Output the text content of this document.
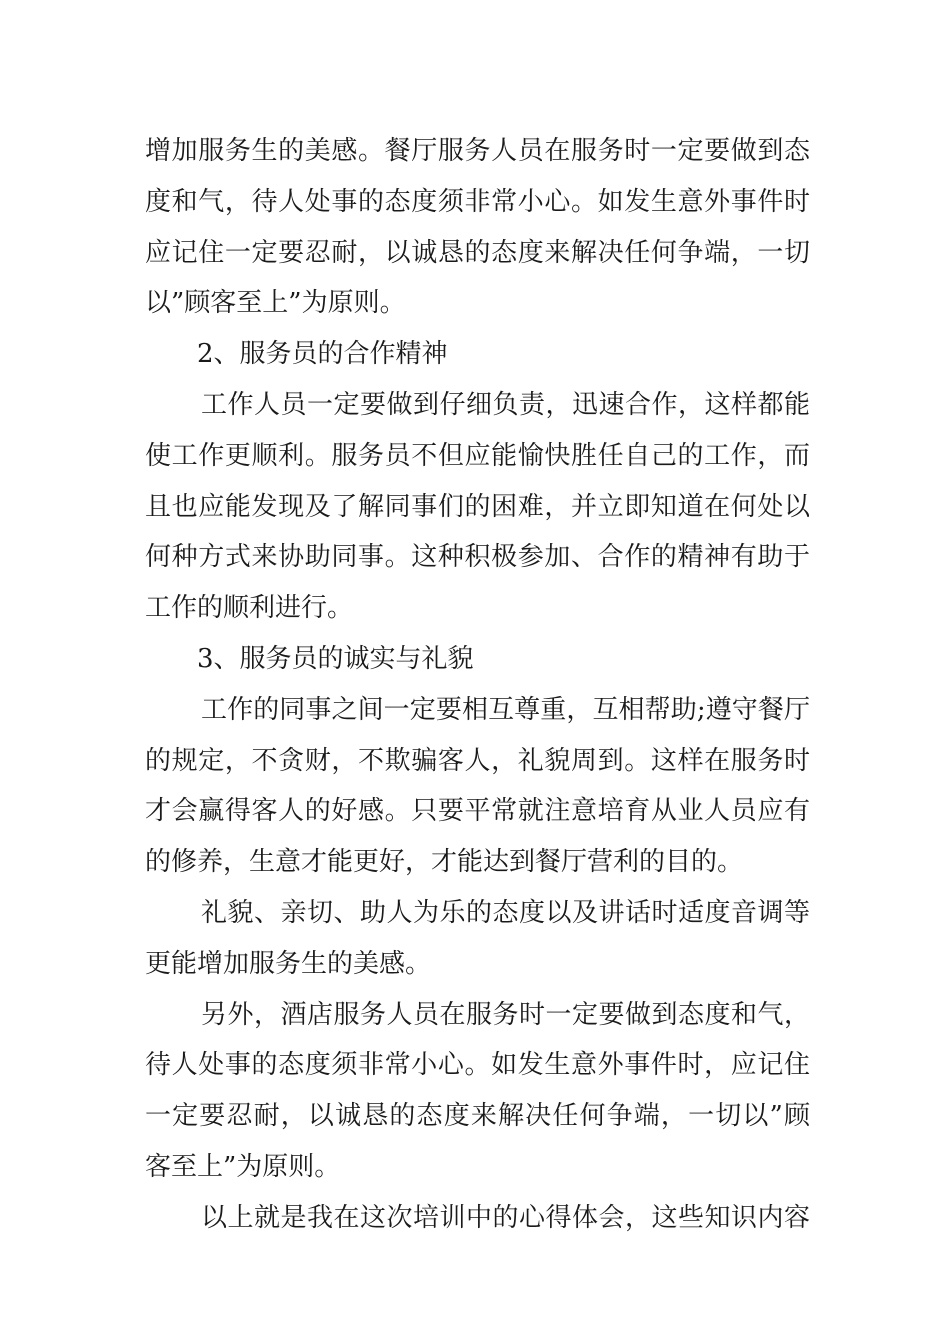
增加服务生的美感。餐厅服务人员在服务时一定要做到态
度和气，待人处事的态度须非常小心。如发生意外事件时
应记住一定要忍耐，以诚恳的态度来解决任何争端，一切
以”顾客至上”为原则。
2、服务员的合作精神
工作人员一定要做到仔细负责，迅速合作，这样都能
使工作更顺利。服务员不但应能愉快胜任自己的工作，而
且也应能发现及了解同事们的困难，并立即知道在何处以
何种方式来协助同事。这种积极参加、合作的精神有助于
工作的顺利进行。
3、服务员的诚实与礼貌
工作的同事之间一定要相互尊重，互相帮助;遵守餐厅
的规定，不贪财，不欺骗客人，礼貌周到。这样在服务时
才会赢得客人的好感。只要平常就注意培育从业人员应有
的修养，生意才能更好，才能达到餐厅营利的目的。
礼貌、亲切、助人为乐的态度以及讲话时适度音调等
更能增加服务生的美感。
另外，酒店服务人员在服务时一定要做到态度和气，
待人处事的态度须非常小心。如发生意外事件时，应记住
一定要忍耐，以诚恳的态度来解决任何争端，一切以”顾
客至上”为原则。
以上就是我在这次培训中的心得体会，这些知识内容
